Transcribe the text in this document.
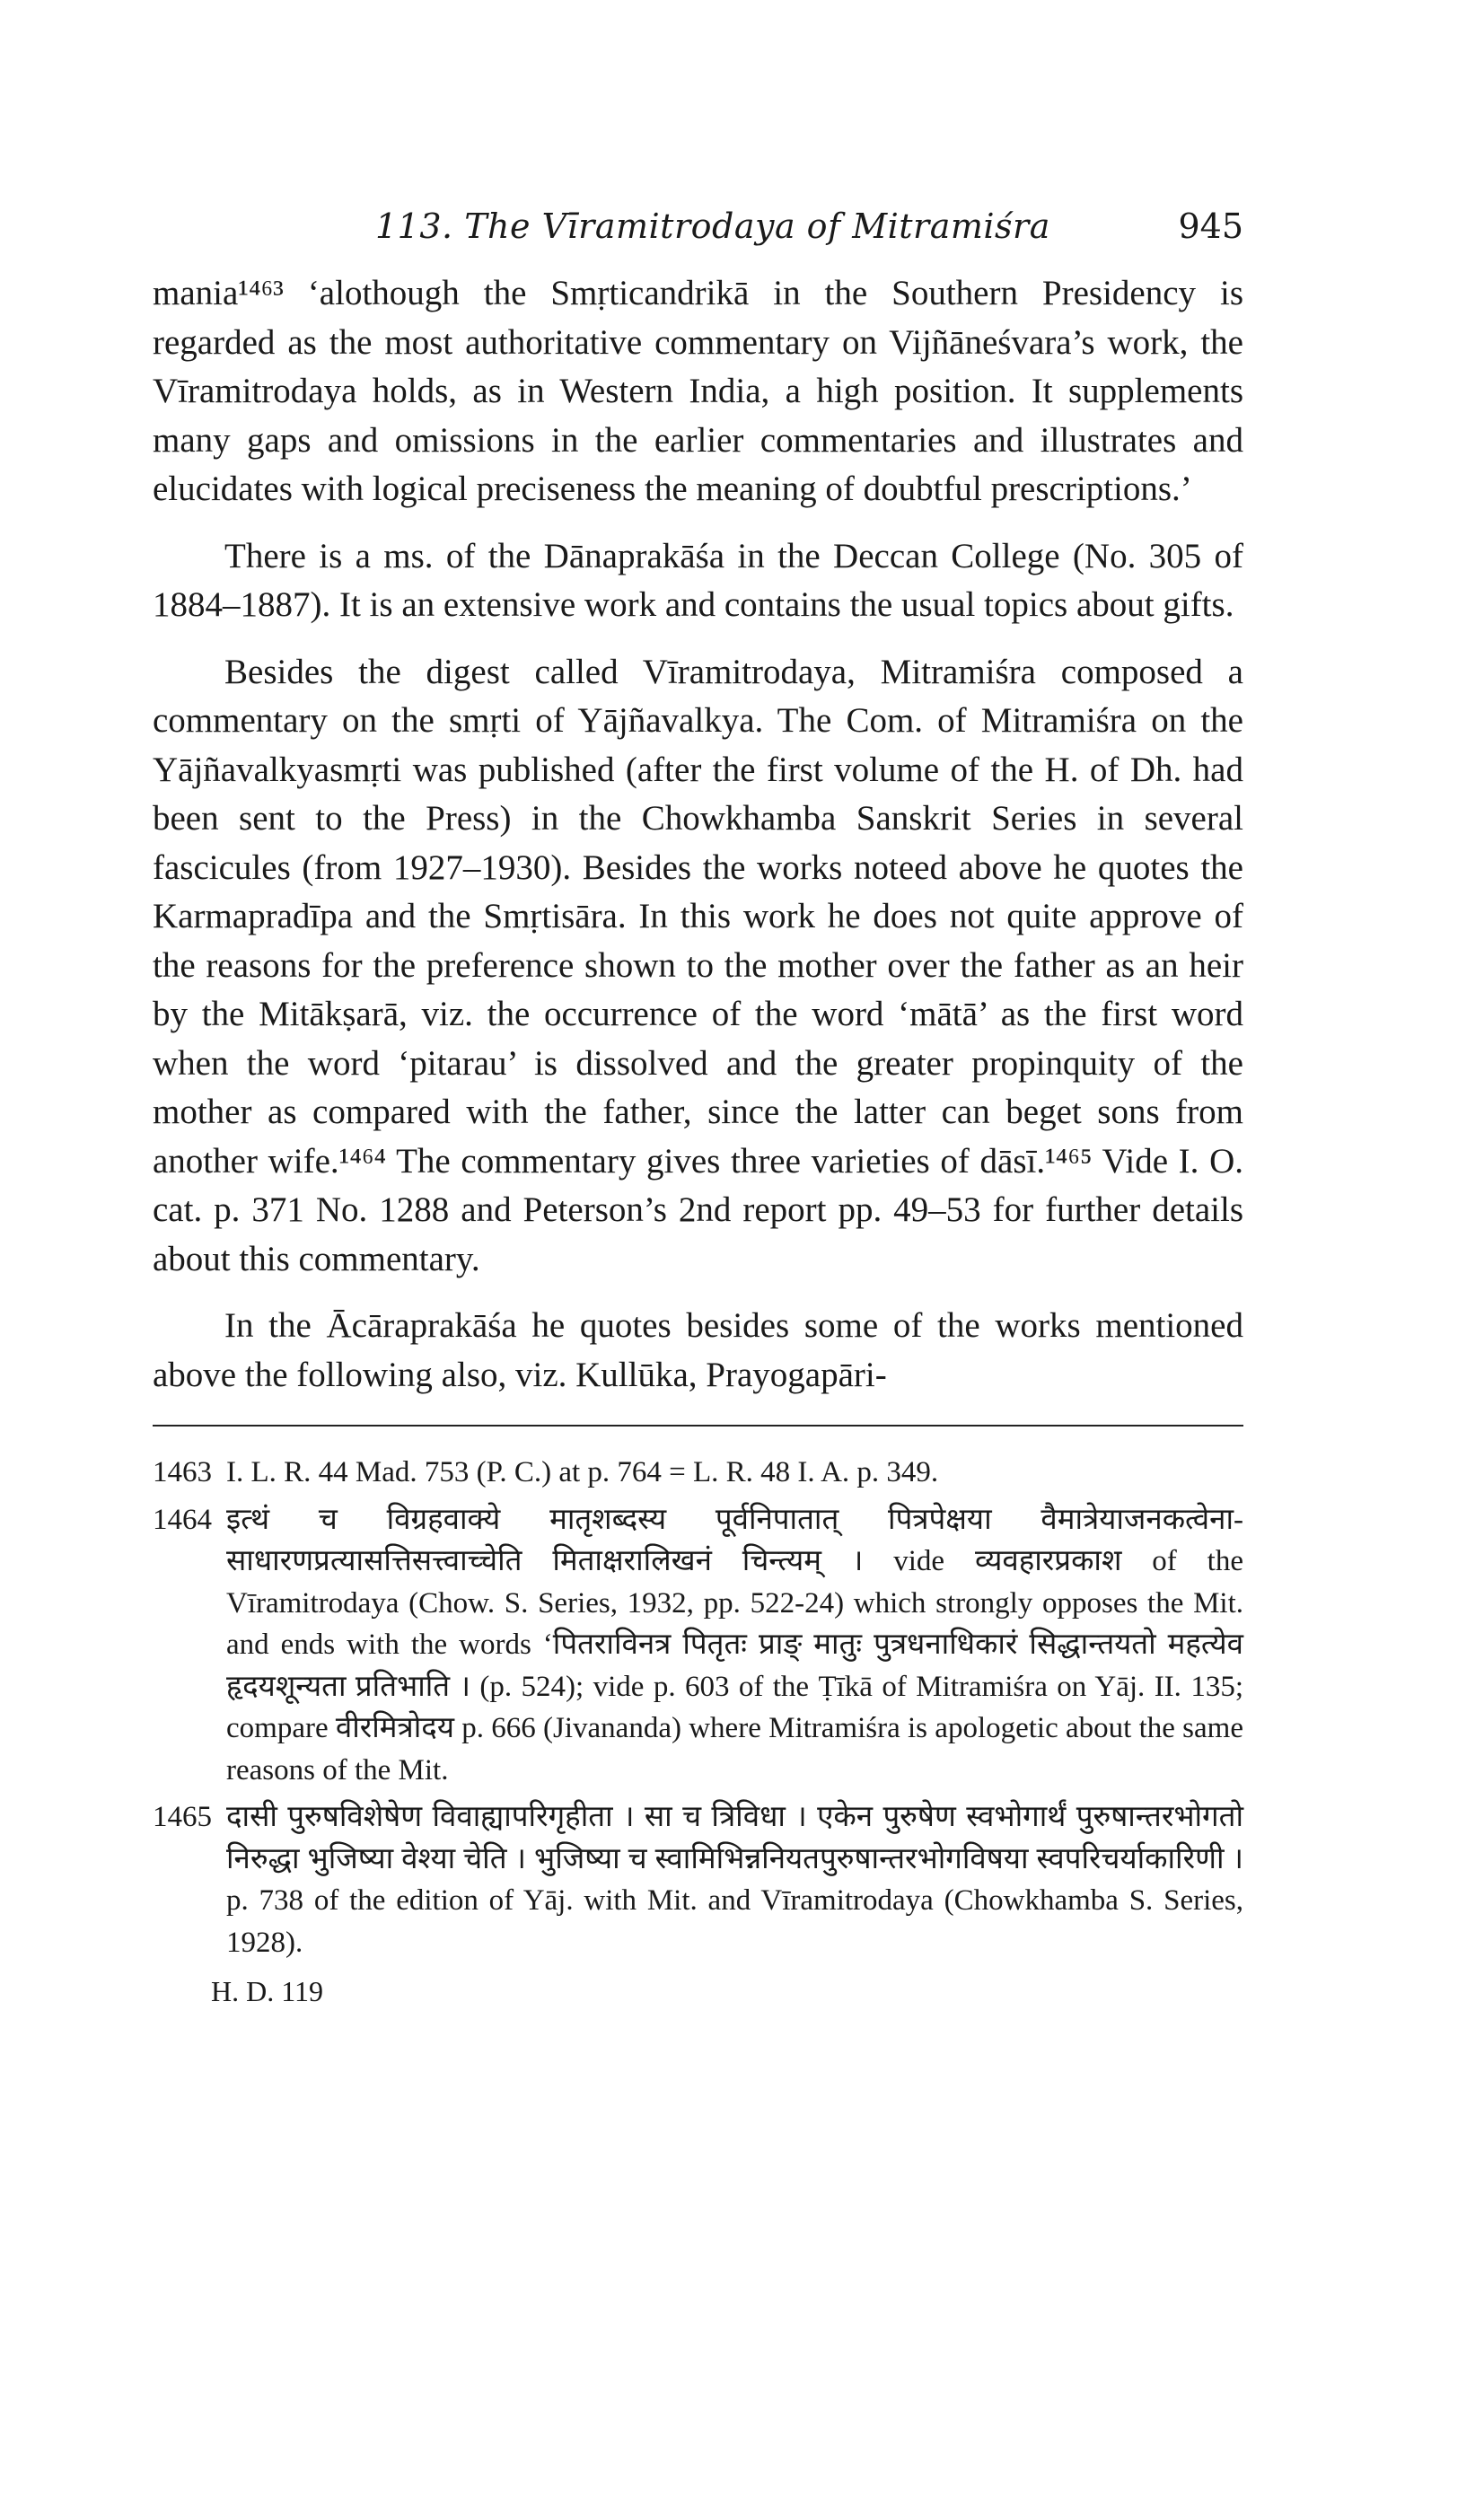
113. The Vīramitrodaya of Mitramiśra	945

mania¹⁴⁶³ ‘alothough the Smṛticandrikā in the Southern Presidency is regarded as the most authoritative commentary on Vijñāneśvara’s work, the Vīramitrodaya holds, as in Western India, a high position. It supplements many gaps and omissions in the earlier commentaries and illustrates and elucidates with logical preciseness the meaning of doubtful prescriptions.’

There is a ms. of the Dānaprakāśa in the Deccan College (No. 305 of 1884–1887). It is an extensive work and contains the usual topics about gifts.

Besides the digest called Vīramitrodaya, Mitramiśra composed a commentary on the smṛti of Yājñavalkya. The Com. of Mitramiśra on the Yājñavalkyasmṛti was published (after the first volume of the H. of Dh. had been sent to the Press) in the Chowkhamba Sanskrit Series in several fascicules (from 1927–1930). Besides the works noteed above he quotes the Karmapradīpa and the Smṛtisāra. In this work he does not quite approve of the reasons for the preference shown to the mother over the father as an heir by the Mitākṣarā, viz. the occurrence of the word ‘mātā’ as the first word when the word ‘pitarau’ is dissolved and the greater propinquity of the mother as compared with the father, since the latter can beget sons from another wife.¹⁴⁶⁴ The commentary gives three varieties of dāsī.¹⁴⁶⁵ Vide I. O. cat. p. 371 No. 1288 and Peterson’s 2nd report pp. 49–53 for further details about this commentary.

In the Ācāraprakāśa he quotes besides some of the works mentioned above the following also, viz. Kullūka, Prayogapāri-

1463 I. L. R. 44 Mad. 753 (P. C.) at p. 764 = L. R. 48 I. A. p. 349.
1464 इत्थं च विग्रहवाक्ये मातृशब्दस्य पूर्वनिपातात् पित्रपेक्षया वैमात्रेयाजनकत्वेना-साधारणप्रत्यासत्तिसत्त्वाच्चेति मिताक्षरालिखनं चिन्त्यम् । vide व्यवहारप्रकाश of the Vīramitrodaya (Chow. S. Series, 1932, pp. 522-24) which strongly opposes the Mit. and ends with the words ‘पितराविनत्र पितृतः प्राङ् मातुः पुत्रधनाधिकारं सिद्धान्तयतो महत्येव हृदयशून्यता प्रतिभाति । (p. 524); vide p. 603 of the Ṭīkā of Mitramiśra on Yāj. II. 135; compare वीरमित्रोदय p. 666 (Jivananda) where Mitramiśra is apologetic about the same reasons of the Mit.
1465 दासी पुरुषविशेषेण विवाह्यापरिगृहीता । सा च त्रिविधा । एकेन पुरुषेण स्वभोगार्थं पुरुषान्तरभोगतो निरुद्धा भुजिष्या वेश्या चेति । भुजिष्या च स्वामिभिन्ननियतपुरुषान्तरभोगविषया स्वपरिचर्याकारिणी । p. 738 of the edition of Yāj. with Mit. and Vīramitrodaya (Chowkhamba S. Series, 1928).
H. D. 119
